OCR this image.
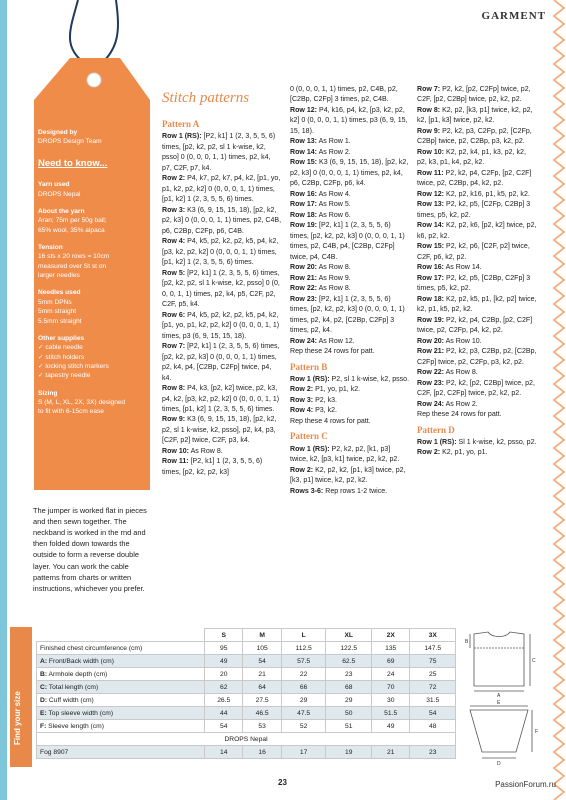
GARMENT
Designed by
DROPS Design Team
Need to know...
Yarn used
DROPS Nepal
About the yarn
Aran; 75m per 50g ball;
65% wool, 35% alpaca
Tension
16 sts x 20 rows = 10cm
measured over St st on
larger needles
Needles used
5mm DPNs
5mm straight
5.5mm straight
Other supplies
✓ cable needle
✓ stitch holders
✓ locking stitch markers
✓ tapestry needle
Sizing
S (M, L, XL, 2X, 3X) designed
to fit with 6-15cm ease
The jumper is worked flat in pieces and then sewn together. The neckband is worked in the rnd and then folded down towards the outside to form a reverse double layer. You can work the cable patterns from charts or written instructions, whichever you prefer.
Stitch patterns
Pattern A
Row 1 (RS): [P2, k1] 1 (2, 3, 5, 5, 6) times, [p2, k2, p2, sl 1 k-wise, k2, psso] 0 (0, 0, 0, 1, 1) times, p2, k4, p7, C2F, p7, k4.
Row 2: P4, k7, p2, k7, p4, k2, [p1, yo, p1, k2, p2, k2] 0 (0, 0, 0, 1, 1) times, [p1, k2] 1 (2, 3, 5, 5, 6) times.
Row 3: K3 (6, 9, 15, 15, 18), [p2, k2, p2, k3] 0 (0, 0, 0, 1, 1) times, p2, C4B, p6, C2Bp, C2Fp, p6, C4B.
Row 4: P4, k5, p2, k2, p2, k5, p4, k2, [p3, k2, p2, k2] 0 (0, 0, 0, 1, 1) times, [p1, k2] 1 (2, 3, 5, 5, 6) times.
Row 5: [P2, k1] 1 (2, 3, 5, 5, 6) times, [p2, k2, p2, sl 1 k-wise, k2, psso] 0 (0, 0, 0, 1, 1) times, p2, k4, p5, C2F, p2, C2F, p5, k4.
Row 6: P4, k5, p2, k2, p2, k5, p4, k2, [p1, yo, p1, k2, p2, k2] 0 (0, 0, 0, 1, 1) times, p3 (6, 9, 15, 15, 18).
Row 7: [P2, k1] 1 (2, 3, 5, 5, 6) times, [p2, k2, p2, k3] 0 (0, 0, 0, 1, 1) times, p2, k4, p4, [C2Bp, C2Fp] twice, p4, k4.
Row 8: P4, k3, [p2, k2] twice, p2, k3, p4, k2, [p3, k2, p2, k2] 0 (0, 0, 0, 1, 1) times, [p1, k2] 1 (2, 3, 5, 5, 6) times.
Row 9: K3 (6, 9, 15, 15, 18), [p2, k2, p2, sl 1 k-wise, k2, psso], p2, k4, p3, [C2F, p2] twice, C2F, p3, k4.
Row 10: As Row 8.
Row 11: [P2, k1] 1 (2, 3, 5, 5, 6) times, [p2, k2, p2, k3]
0 (0, 0, 0, 1, 1) times, p2, C4B, p2, [C2Bp, C2Fp] 3 times, p2, C4B.
Row 12: P4, k16, p4, k2, [p3, k2, p2, k2] 0 (0, 0, 0, 1, 1) times, p3 (6, 9, 15, 15, 18).
Row 13: As Row 1.
Row 14: As Row 2.
Row 15: K3 (6, 9, 15, 15, 18), [p2, k2, p2, k3] 0 (0, 0, 0, 1, 1) times, p2, k4, p6, C2Bp, C2Fp, p6, k4.
Row 16: As Row 4.
Row 17: As Row 5.
Row 18: As Row 6.
Row 19: [P2, k1] 1 (2, 3, 5, 5, 6) times, [p2, k2, p2, k3] 0 (0, 0, 0, 1, 1) times, p2, C4B, p4, [C2Bp, C2Fp] twice, p4, C4B.
Row 20: As Row 8.
Row 21: As Row 9.
Row 22: As Row 8.
Row 23: [P2, k1] 1 (2, 3, 5, 5, 6) times, [p2, k2, p2, k3] 0 (0, 0, 0, 1, 1) times, p2, k4, p2, [C2Bp, C2Fp] 3 times, p2, k4.
Row 24: As Row 12.
Rep these 24 rows for patt.
Pattern B
Row 1 (RS): P2, sl 1 k-wise, k2, psso.
Row 2: P1, yo, p1, k2.
Row 3: P2, k3.
Row 4: P3, k2.
Rep these 4 rows for patt.
Pattern C
Row 1 (RS): P2, k2, p2, [k1, p3] twice, k2, [p3, k1] twice, p2, k2, p2.
Row 2: K2, p2, k2, [p1, k3] twice, p2, [k3, p1] twice, k2, p2, k2.
Rows 3-6: Rep rows 1-2 twice.
Row 7: P2, k2, [p2, C2Fp] twice, p2, C2F, [p2, C2Bp] twice, p2, k2, p2.
Row 8: K2, p2, [k3, p1] twice, k2, p2, k2, [p1, k3] twice, p2, k2.
Row 9: P2, k2, p3, C2Fp, p2, [C2Fp, C2Bp] twice, p2, C2Bp, p3, k2, p2.
Row 10: K2, p2, k4, p1, k3, p2, k2, p2, k3, p1, k4, p2, k2.
Row 11: P2, k2, p4, C2Fp, [p2, C2F] twice, p2, C2Bp, p4, k2, p2.
Row 12: K2, p2, k16, p1, k5, p2, k2.
Row 13: P2, k2, p5, [C2Fp, C2Bp] 3 times, p5, k2, p2.
Row 14: K2, p2, k6, [p2, k2] twice, p2, k6, p2, k2.
Row 15: P2, k2, p6, [C2F, p2] twice, C2F, p6, k2, p2.
Row 16: As Row 14.
Row 17: P2, k2, p5, [C2Bp, C2Fp] 3 times, p5, k2, p2.
Row 18: K2, p2, k5, p1, [k2, p2] twice, k2, p1, k5, p2, k2.
Row 19: P2, k2, p4, C2Bp, [p2, C2F] twice, p2, C2Fp, p4, k2, p2.
Row 20: As Row 10.
Row 21: P2, k2, p3, C2Bp, p2, [C2Bp, C2Fp] twice, p2, C2Fp, p3, k2, p2.
Row 22: As Row 8.
Row 23: P2, k2, [p2, C2Bp] twice, p2, C2F, [p2, C2Fp] twice, p2, k2, p2.
Row 24: As Row 2.
Rep these 24 rows for patt.
Pattern D
Row 1 (RS): Sl 1 k-wise, k2, psso, p2.
Row 2: K2, p1, yo, p1.
Find your size
	S	M	L	XL	2X	3X
Finished chest circumference (cm)	95	105	112.5	122.5	135	147.5
A: Front/Back width (cm)	49	54	57.5	62.5	69	75
B: Armhole depth (cm)	20	21	22	23	24	25
C: Total length (cm)	62	64	66	68	70	72
D: Cuff width (cm)	26.5	27.5	29	29	30	31.5
E: Top sleeve width (cm)	44	46.5	47.5	50	51.5	54
F: Sleeve length (cm)	54	53	52	51	49	48
DROPS Nepal						
Fog 8907	14	16	17	19	21	23
B
C
A
E
D
F
23	PassionForum.ru
